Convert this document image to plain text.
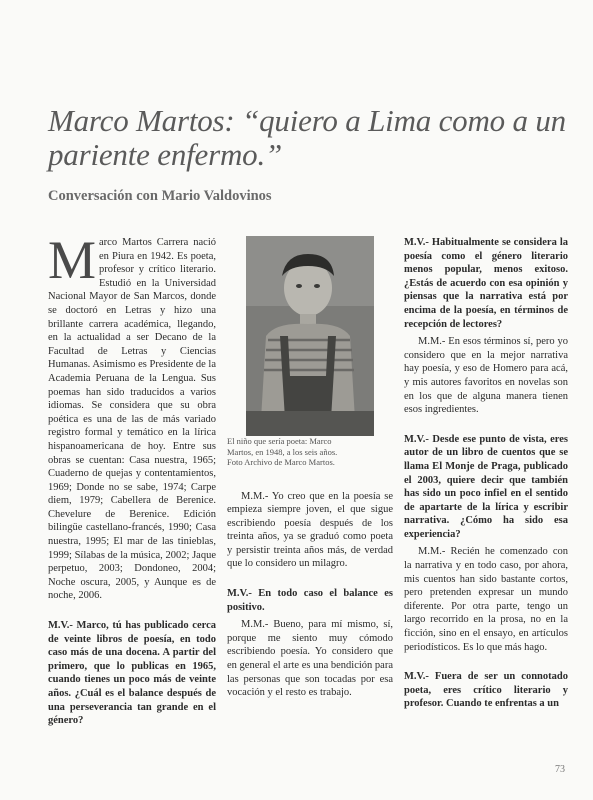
Marco Martos: “quiero a Lima como a un pariente enfermo.”
Conversación con Mario Valdovinos

Marco Martos Carrera nació en Piura en 1942. Es poeta, profesor y crítico literario. Estudió en la Universidad Nacional Mayor de San Marcos, donde se doctoró en Letras y hizo una brillante carrera académica, llegando, en la actualidad a ser Decano de la Facultad de Letras y Ciencias Humanas. Asimismo es Presidente de la Academia Peruana de la Lengua. Sus poemas han sido traducidos a varios idiomas. Se considera que su obra poética es una de las de más variado registro formal y temático en la lírica hispanoamericana de hoy. Entre sus obras se cuentan: Casa nuestra, 1965; Cuaderno de quejas y contentamientos, 1969; Donde no se sabe, 1974; Carpe diem, 1979; Cabellera de Berenice. Chevelure de Berenice. Edición bilingüe castellano-francés, 1990; Casa nuestra, 1995; El mar de las tinieblas, 1999; Sílabas de la música, 2002; Jaque perpetuo, 2003; Dondoneo, 2004; Noche oscura, 2005, y Aunque es de noche, 2006.

M.V.- Marco, tú has publicado cerca de veinte libros de poesía, en todo caso más de una docena. A partir del primero, que lo publicas en 1965, cuando tienes un poco más de veinte años. ¿Cuál es el balance después de una perseverancia tan grande en el género?

El niño que sería poeta: Marco Martos, en 1948, a los seis años. Foto Archivo de Marco Martos.

M.M.- Yo creo que en la poesía se empieza siempre joven, el que sigue escribiendo poesía después de los treinta años, ya se graduó como poeta y persistir treinta años más, de verdad que lo considero un milagro.

M.V.- En todo caso el balance es positivo.

M.M.- Bueno, para mí mismo, sí, porque me siento muy cómodo escribiendo poesía. Yo considero que en general el arte es una bendición para las personas que son tocadas por esa vocación y el resto es trabajo.

M.V.- Habitualmente se considera la poesía como el género literario menos popular, menos exitoso. ¿Estás de acuerdo con esa opinión y piensas que la narrativa está por encima de la poesía, en términos de recepción de lectores?

M.M.- En esos términos sí, pero yo considero que en la mejor narrativa hay poesía, y eso de Homero para acá, y mis autores favoritos en novelas son en los que de alguna manera tienen esos ingredientes.

M.V.- Desde ese punto de vista, eres autor de un libro de cuentos que se llama El Monje de Praga, publicado el 2003, quiere decir que también has sido un poco infiel en el sentido de apartarte de la lírica y escribir narrativa. ¿Cómo ha sido esa experiencia?

M.M.- Recién he comenzado con la narrativa y en todo caso, por ahora, mis cuentos han sido bastante cortos, pero pretenden expresar un mundo diferente. Por otra parte, tengo un largo recorrido en la prosa, no en la ficción, sino en el ensayo, en artículos periodísticos. Es lo que más hago.

M.V.- Fuera de ser un connotado poeta, eres crítico literario y profesor. Cuando te enfrentas a un

73
